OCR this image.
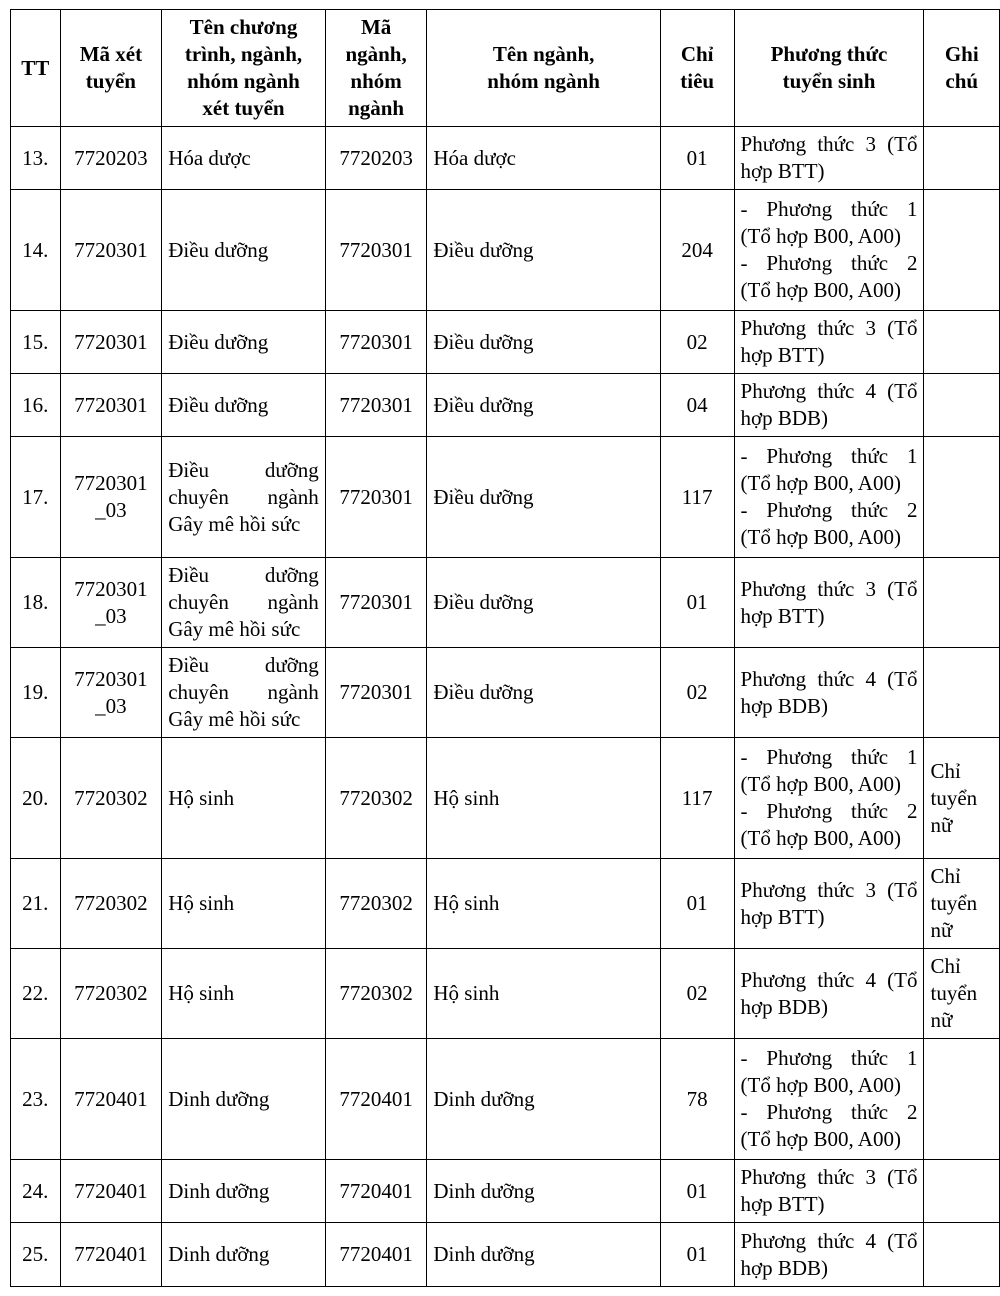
TT	Mã xét
tuyển	Tên chương
trình, ngành,
nhóm ngành
xét tuyển	Mã
ngành,
nhóm
ngành	Tên ngành,
nhóm ngành	Chỉ
tiêu	Phương thức
tuyển sinh	Ghi
chú

13.	7720203	Hóa dược	7720203	Hóa dược	01	Phương thức 3 (Tổ
hợp BTT)	

14.	7720301	Điều dưỡng	7720301	Điều dưỡng	204	- Phương thức 1
(Tổ hợp B00, A00)
- Phương thức 2
(Tổ hợp B00, A00)	

15.	7720301	Điều dưỡng	7720301	Điều dưỡng	02	Phương thức 3 (Tổ
hợp BTT)	

16.	7720301	Điều dưỡng	7720301	Điều dưỡng	04	Phương thức 4 (Tổ
hợp BDB)	

17.	7720301
_03	Điều dưỡng
chuyên ngành
Gây mê hồi sức	7720301	Điều dưỡng	117	- Phương thức 1
(Tổ hợp B00, A00)
- Phương thức 2
(Tổ hợp B00, A00)	

18.	7720301
_03	Điều dưỡng
chuyên ngành
Gây mê hồi sức	7720301	Điều dưỡng	01	Phương thức 3 (Tổ
hợp BTT)	

19.	7720301
_03	Điều dưỡng
chuyên ngành
Gây mê hồi sức	7720301	Điều dưỡng	02	Phương thức 4 (Tổ
hợp BDB)	

20.	7720302	Hộ sinh	7720302	Hộ sinh	117	- Phương thức 1
(Tổ hợp B00, A00)
- Phương thức 2
(Tổ hợp B00, A00)	Chỉ
tuyển
nữ

21.	7720302	Hộ sinh	7720302	Hộ sinh	01	Phương thức 3 (Tổ
hợp BTT)	Chỉ
tuyển
nữ

22.	7720302	Hộ sinh	7720302	Hộ sinh	02	Phương thức 4 (Tổ
hợp BDB)	Chỉ
tuyển
nữ

23.	7720401	Dinh dưỡng	7720401	Dinh dưỡng	78	- Phương thức 1
(Tổ hợp B00, A00)
- Phương thức 2
(Tổ hợp B00, A00)	

24.	7720401	Dinh dưỡng	7720401	Dinh dưỡng	01	Phương thức 3 (Tổ
hợp BTT)	

25.	7720401	Dinh dưỡng	7720401	Dinh dưỡng	01	Phương thức 4 (Tổ
hợp BDB)	
